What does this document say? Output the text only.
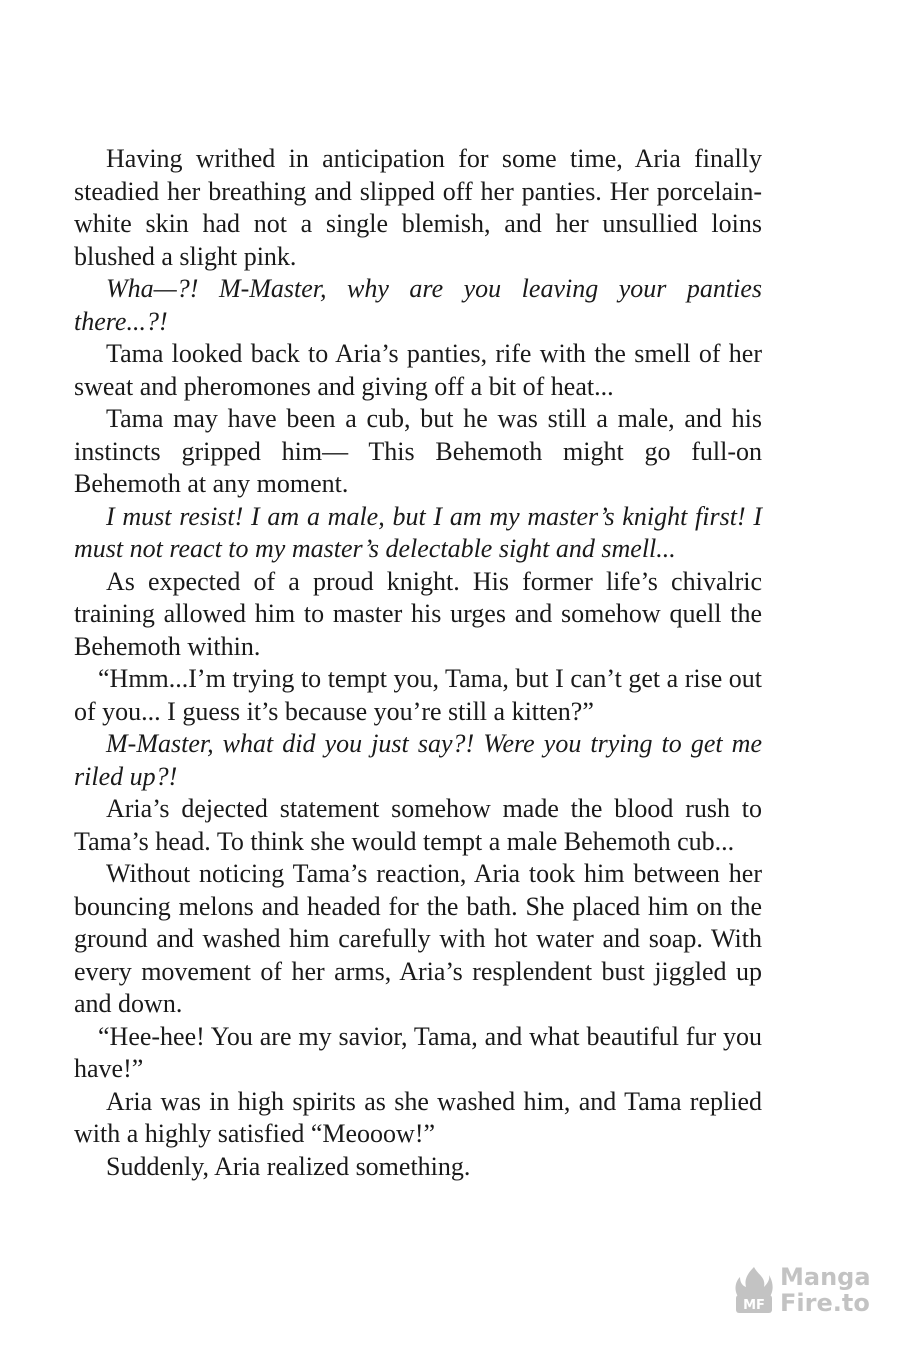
Having writhed in anticipation for some time, Aria finally steadied her breathing and slipped off her panties. Her porcelain-white skin had not a single blemish, and her unsullied loins blushed a slight pink.

Wha—?! M-Master, why are you leaving your panties there...?!

Tama looked back to Aria’s panties, rife with the smell of her sweat and pheromones and giving off a bit of heat...

Tama may have been a cub, but he was still a male, and his instincts gripped him— This Behemoth might go full-on Behemoth at any moment.

I must resist! I am a male, but I am my master’s knight first! I must not react to my master’s delectable sight and smell...

As expected of a proud knight. His former life’s chivalric training allowed him to master his urges and somehow quell the Behemoth within.

“Hmm...I’m trying to tempt you, Tama, but I can’t get a rise out of you... I guess it’s because you’re still a kitten?”

M-Master, what did you just say?! Were you trying to get me riled up?!

Aria’s dejected statement somehow made the blood rush to Tama’s head. To think she would tempt a male Behemoth cub...

Without noticing Tama’s reaction, Aria took him between her bouncing melons and headed for the bath. She placed him on the ground and washed him carefully with hot water and soap. With every movement of her arms, Aria’s resplendent bust jiggled up and down.

“Hee-hee! You are my savior, Tama, and what beautiful fur you have!”

Aria was in high spirits as she washed him, and Tama replied with a highly satisfied “Meooow!”

Suddenly, Aria realized something.

MF
Manga
Fire.to
